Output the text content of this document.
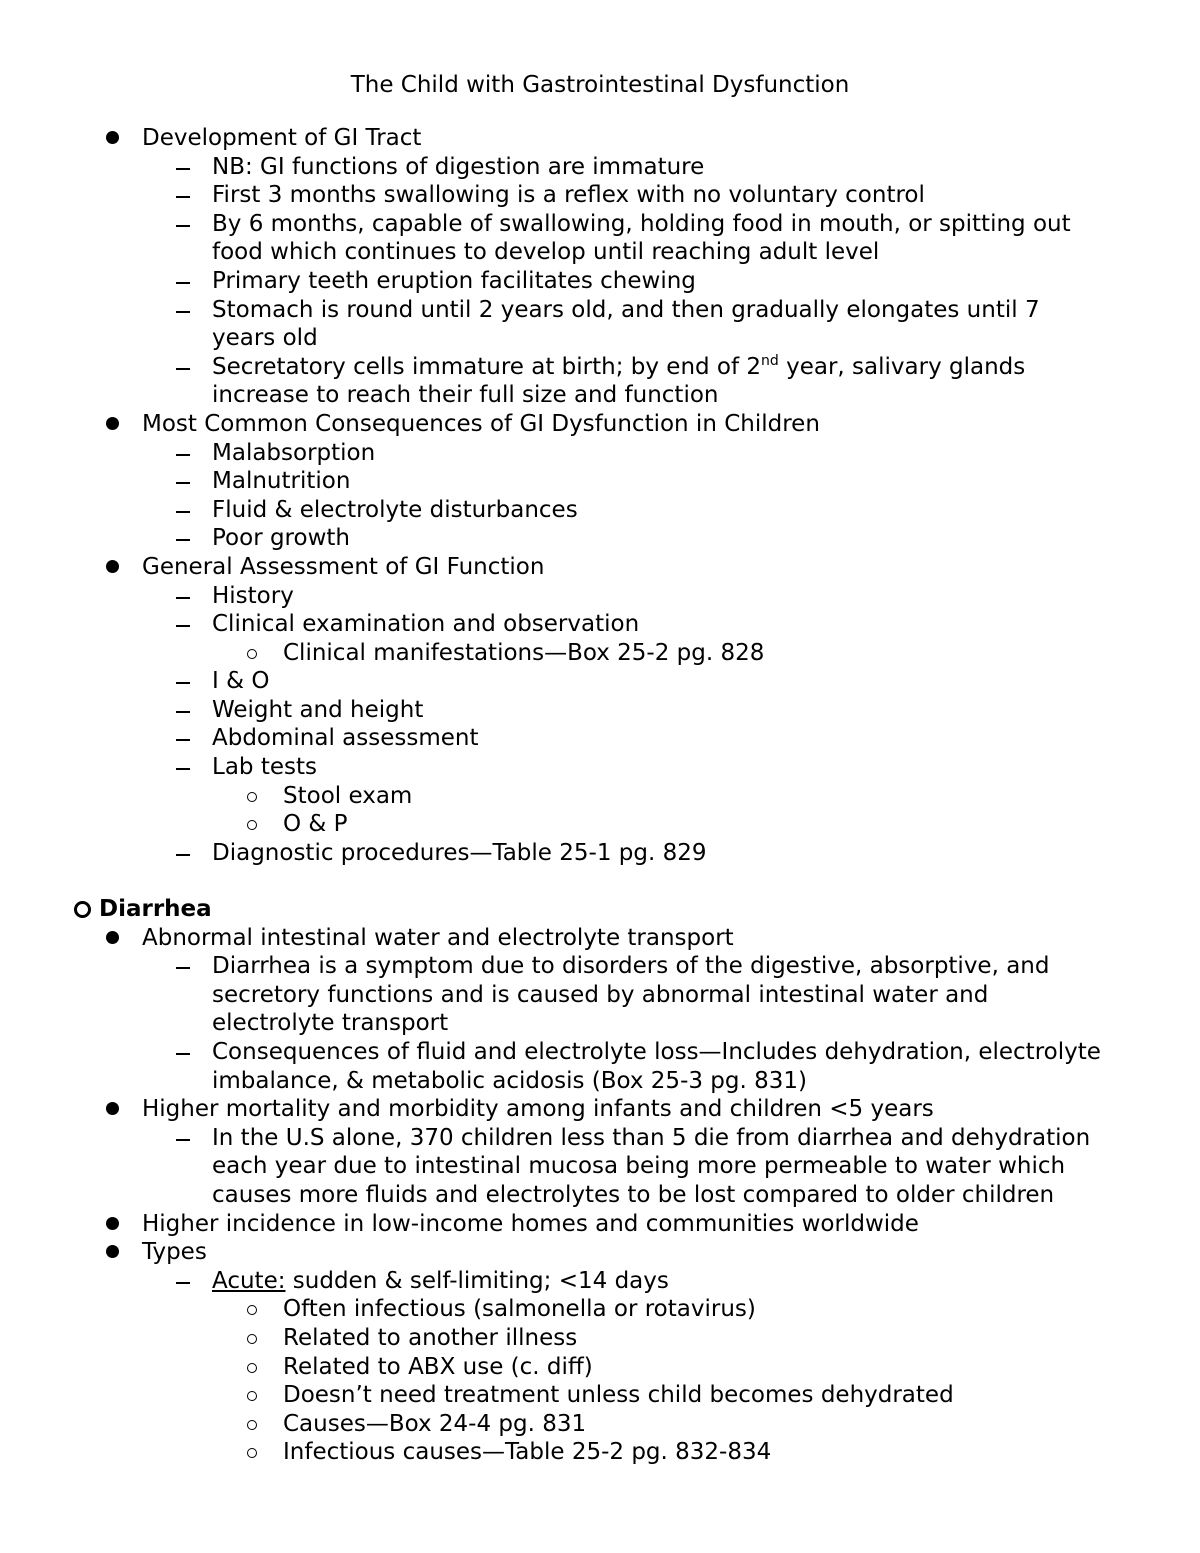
The Child with Gastrointestinal Dysfunction
Development of GI Tract
NB: GI functions of digestion are immature
First 3 months swallowing is a reflex with no voluntary control
By 6 months, capable of swallowing, holding food in mouth, or spitting out food which continues to develop until reaching adult level
Primary teeth eruption facilitates chewing
Stomach is round until 2 years old, and then gradually elongates until 7 years old
Secretatory cells immature at birth; by end of 2nd year, salivary glands increase to reach their full size and function
Most Common Consequences of GI Dysfunction in Children
Malabsorption
Malnutrition
Fluid & electrolyte disturbances
Poor growth
General Assessment of GI Function
History
Clinical examination and observation
Clinical manifestations—Box 25-2 pg. 828
I & O
Weight and height
Abdominal assessment
Lab tests
Stool exam
O & P
Diagnostic procedures—Table 25-1 pg. 829
Diarrhea
Abnormal intestinal water and electrolyte transport
Diarrhea is a symptom due to disorders of the digestive, absorptive, and secretory functions and is caused by abnormal intestinal water and electrolyte transport
Consequences of fluid and electrolyte loss—Includes dehydration, electrolyte imbalance, & metabolic acidosis (Box 25-3 pg. 831)
Higher mortality and morbidity among infants and children <5 years
In the U.S alone, 370 children less than 5 die from diarrhea and dehydration each year due to intestinal mucosa being more permeable to water which causes more fluids and electrolytes to be lost compared to older children
Higher incidence in low-income homes and communities worldwide
Types
Acute: sudden & self-limiting; <14 days
Often infectious (salmonella or rotavirus)
Related to another illness
Related to ABX use (c. diff)
Doesn’t need treatment unless child becomes dehydrated
Causes—Box 24-4 pg. 831
Infectious causes—Table 25-2 pg. 832-834
